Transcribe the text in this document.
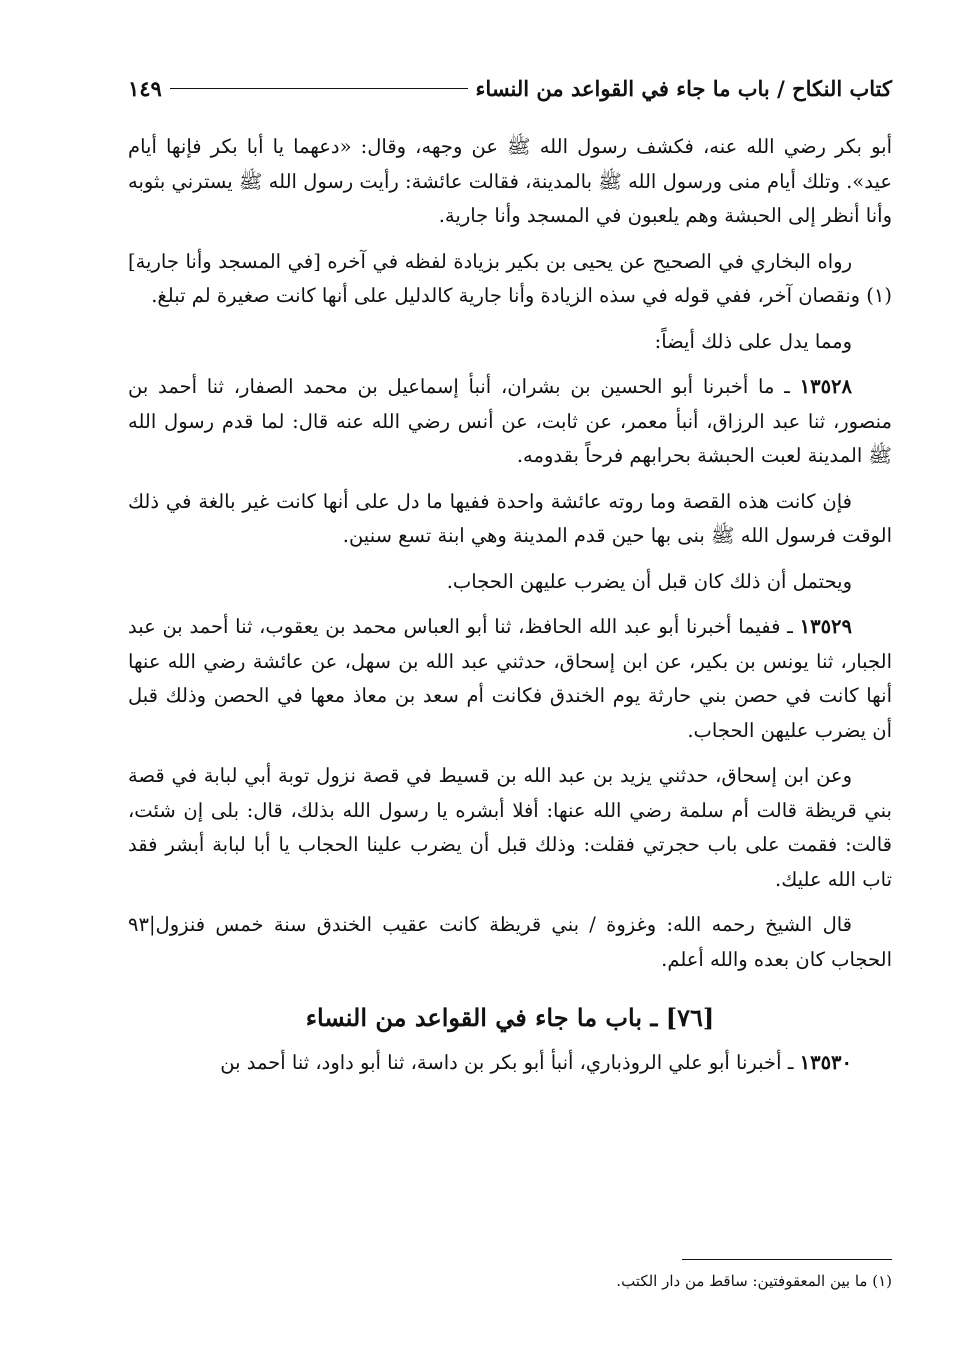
كتاب النكاح / باب ما جاء في القواعد من النساء
١٤٩

أبو بكر رضي الله عنه، فكشف رسول الله ﷺ عن وجهه، وقال: «دعهما يا أبا بكر فإنها أيام عيد». وتلك أيام منى ورسول الله ﷺ بالمدينة، فقالت عائشة: رأيت رسول الله ﷺ يسترني بثوبه وأنا أنظر إلى الحبشة وهم يلعبون في المسجد وأنا جارية.

رواه البخاري في الصحيح عن يحيى بن بكير بزيادة لفظه في آخره [في المسجد وأنا جارية](١) ونقصان آخر، ففي قوله في سذه الزيادة وأنا جارية كالدليل على أنها كانت صغيرة لم تبلغ.

ومما يدل على ذلك أيضاً:

١٣٥٢٨ ـ ما أخبرنا أبو الحسين بن بشران، أنبأ إسماعيل بن محمد الصفار، ثنا أحمد بن منصور، ثنا عبد الرزاق، أنبأ معمر، عن ثابت، عن أنس رضي الله عنه قال: لما قدم رسول الله ﷺ المدينة لعبت الحبشة بحرابهم فرحاً بقدومه.

فإن كانت هذه القصة وما روته عائشة واحدة ففيها ما دل على أنها كانت غير بالغة في ذلك الوقت فرسول الله ﷺ بنى بها حين قدم المدينة وهي ابنة تسع سنين.

ويحتمل أن ذلك كان قبل أن يضرب عليهن الحجاب.

١٣٥٢٩ ـ ففيما أخبرنا أبو عبد الله الحافظ، ثنا أبو العباس محمد بن يعقوب، ثنا أحمد بن عبد الجبار، ثنا يونس بن بكير، عن ابن إسحاق، حدثني عبد الله بن سهل، عن عائشة رضي الله عنها أنها كانت في حصن بني حارثة يوم الخندق فكانت أم سعد بن معاذ معها في الحصن وذلك قبل أن يضرب عليهن الحجاب.

وعن ابن إسحاق، حدثني يزيد بن عبد الله بن قسيط في قصة نزول توبة أبي لبابة في قصة بني قريظة قالت أم سلمة رضي الله عنها: أفلا أبشره يا رسول الله بذلك، قال: بلى إن شئت، قالت: فقمت على باب حجرتي فقلت: وذلك قبل أن يضرب علينا الحجاب يا أبا لبابة أبشر فقد تاب الله عليك.

قال الشيخ رحمه الله: وغزوة / بني قريظة كانت عقيب الخندق سنة خمس فنزول|٩٣ الحجاب كان بعده والله أعلم.

[٧٦] ـ باب ما جاء في القواعد من النساء

١٣٥٣٠ ـ أخبرنا أبو علي الروذباري، أنبأ أبو بكر بن داسة، ثنا أبو داود، ثنا أحمد بن

(١) ما بين المعقوفتين: ساقط من دار الكتب.
